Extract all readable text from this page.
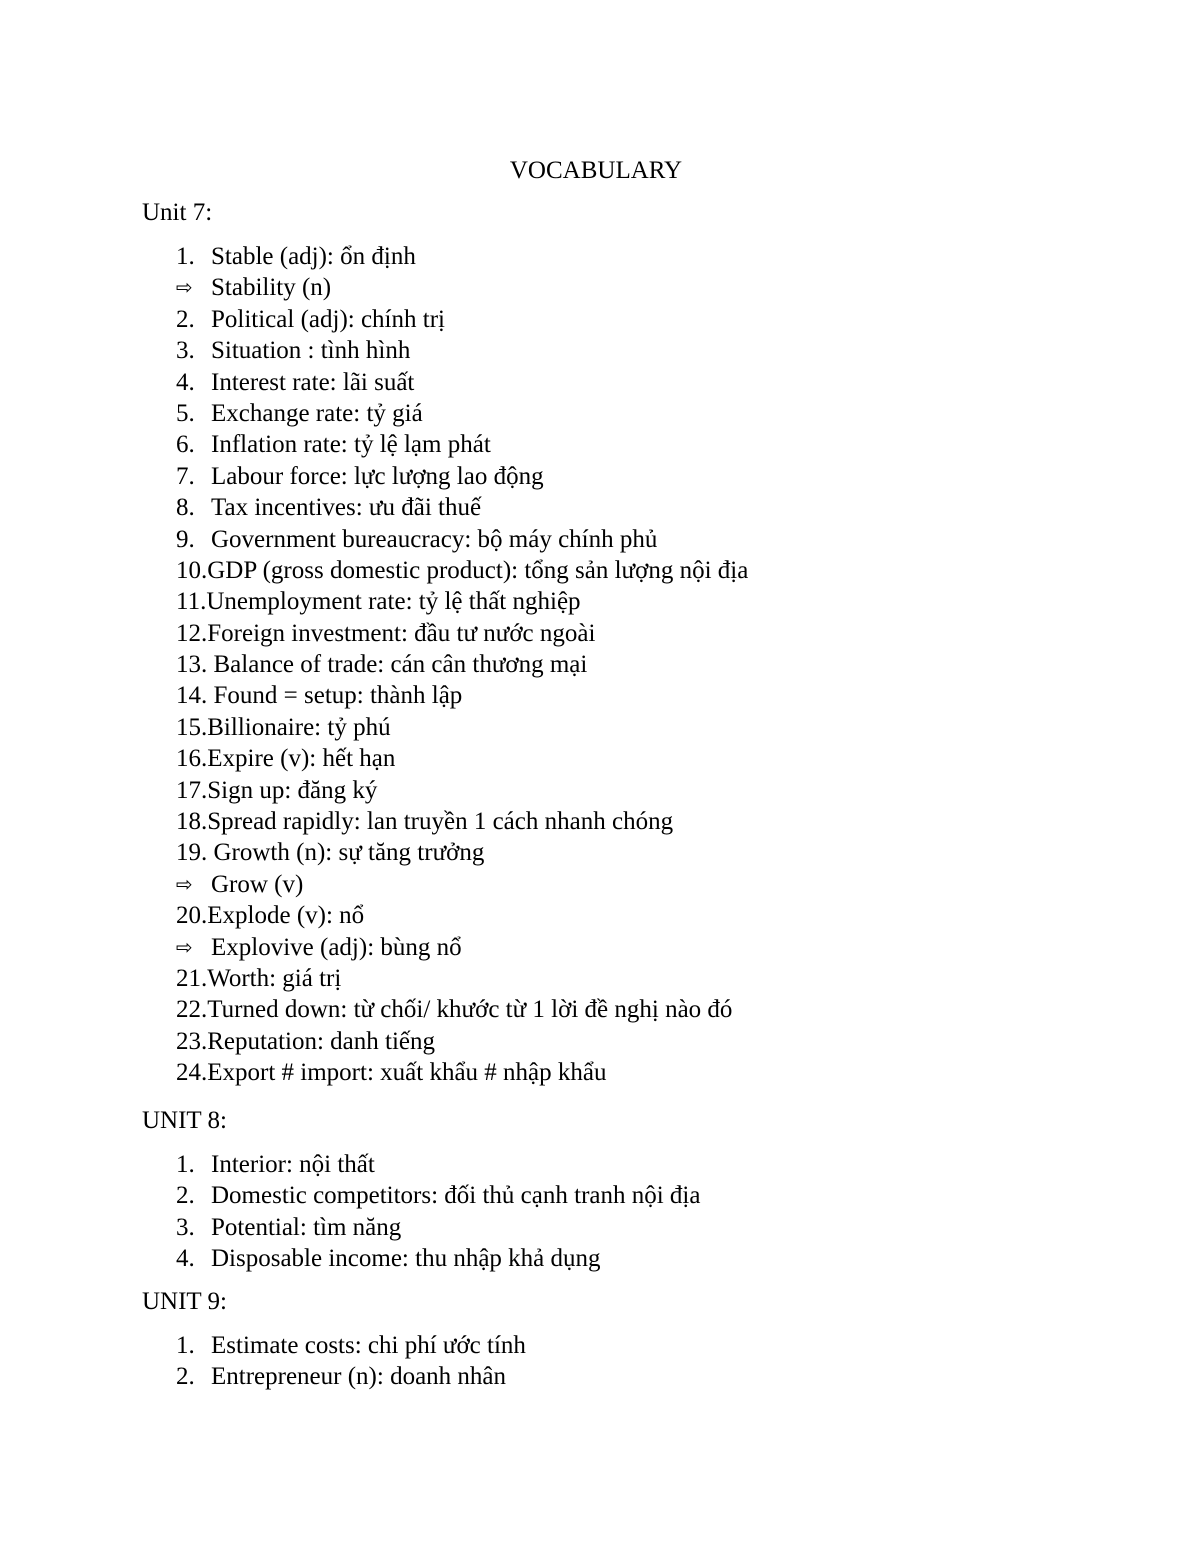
VOCABULARY
Unit 7:
1. Stable (adj): ổn định
⇨ Stability (n)
2. Political (adj): chính trị
3. Situation : tình hình
4. Interest rate: lãi suất
5. Exchange rate: tỷ giá
6. Inflation rate: tỷ lệ lạm phát
7. Labour force: lực lượng lao động
8. Tax incentives: ưu đãi thuế
9. Government bureaucracy: bộ máy chính phủ
10. GDP (gross domestic product): tổng sản lượng nội địa
11. Unemployment rate: tỷ lệ thất nghiệp
12. Foreign investment: đầu tư nước ngoài
13. Balance of trade: cán cân thương mại
14. Found = setup: thành lập
15. Billionaire: tỷ phú
16. Expire (v): hết hạn
17. Sign up: đăng ký
18. Spread rapidly: lan truyền 1 cách nhanh chóng
19. Growth (n): sự tăng trưởng
⇨ Grow (v)
20. Explode (v): nổ
⇨ Explovive (adj): bùng nổ
21. Worth: giá trị
22. Turned down: từ chối/ khước từ 1 lời đề nghị nào đó
23. Reputation: danh tiếng
24. Export # import: xuất khẩu # nhập khẩu
UNIT 8:
1. Interior: nội thất
2. Domestic competitors: đối thủ cạnh tranh nội địa
3. Potential: tìm năng
4. Disposable income: thu nhập khả dụng
UNIT 9:
1. Estimate costs: chi phí ước tính
2. Entrepreneur (n): doanh nhân
